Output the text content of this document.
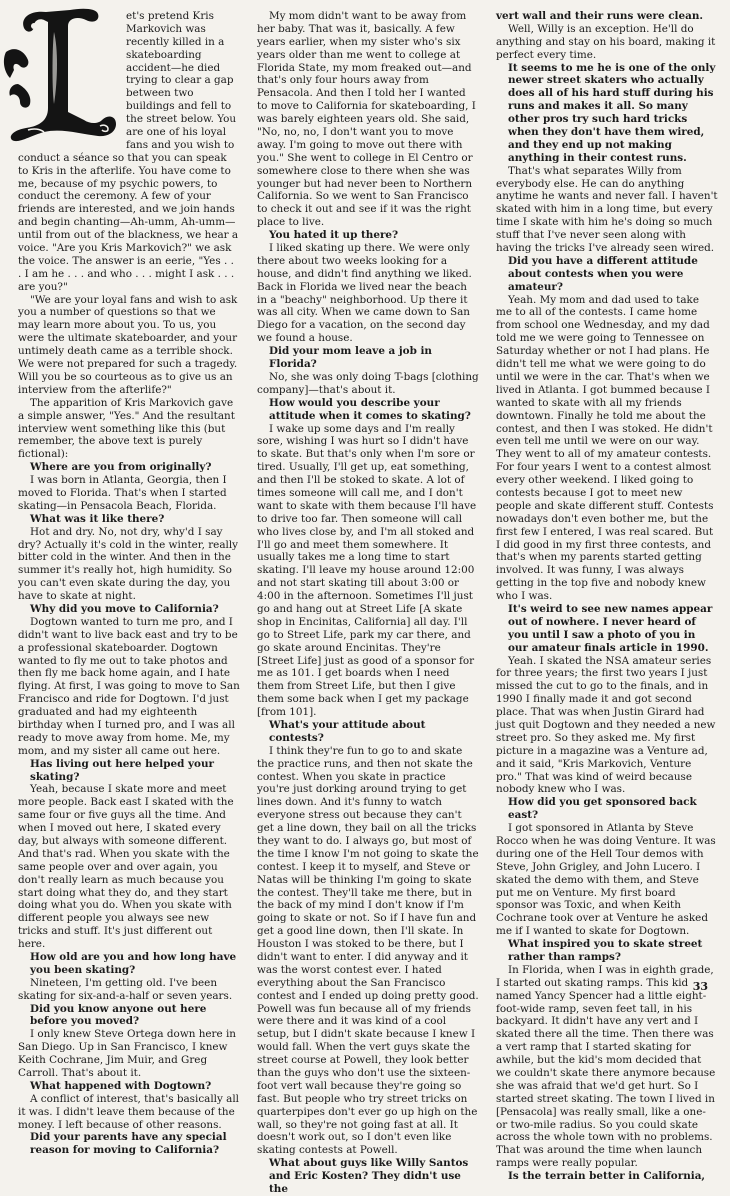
et's pretend Kris Markovich was recently killed in a skateboarding accident—he died trying to clear a gap between two buildings and fell to the street below. You are one of his loyal fans and you wish to conduct a séance so that you can speak to Kris in the afterlife. You have come to me, because of my psychic powers, to conduct the ceremony. A few of your friends are interested, and we join hands and begin chanting—Ah-umm, Ah-umm—until from out of the blackness, we hear a voice. "Are you Kris Markovich?" we ask the voice. The answer is an eerie, "Yes . . . I am he . . . and who . . . might I ask . . . are you?"

"We are your loyal fans and wish to ask you a number of questions so that we may learn more about you. To us, you were the ultimate skateboarder, and your untimely death came as a terrible shock. We were not prepared for such a tragedy. Will you be so courteous as to give us an interview from the afterlife?"

The apparition of Kris Markovich gave a simple answer, "Yes." And the resultant interview went something like this (but remember, the above text is purely fictional):

Where are you from originally?

I was born in Atlanta, Georgia, then I moved to Florida. That's when I started skating—in Pensacola Beach, Florida.

What was it like there?

Hot and dry. No, not dry, why'd I say dry? Actually it's cold in the winter, really bitter cold in the winter. And then in the summer it's really hot, high humidity. So you can't even skate during the day, you have to skate at night.

Why did you move to California?

Dogtown wanted to turn me pro, and I didn't want to live back east and try to be a professional skateboarder. Dogtown wanted to fly me out to take photos and then fly me back home again, and I hate flying. At first, I was going to move to San Francisco and ride for Dogtown. I'd just graduated and had my eighteenth birthday when I turned pro, and I was all ready to move away from home. Me, my mom, and my sister all came out here.

Has living out here helped your skating?

Yeah, because I skate more and meet more people. Back east I skated with the same four or five guys all the time. And when I moved out here, I skated every day, but always with someone different. And that's rad. When you skate with the same people over and over again, you don't really learn as much because you start doing what they do, and they start doing what you do. When you skate with different people you always see new tricks and stuff. It's just different out here.

How old are you and how long have you been skating?

Nineteen, I'm getting old. I've been skating for six-and-a-half or seven years.

Did you know anyone out here before you moved?

I only knew Steve Ortega down here in San Diego. Up in San Francisco, I knew Keith Cochrane, Jim Muir, and Greg Carroll. That's about it.

What happened with Dogtown?

A conflict of interest, that's basically all it was. I didn't leave them because of the money. I left because of other reasons.

Did your parents have any special reason for moving to California?

My mom didn't want to be away from her baby. That was it, basically. A few years earlier, when my sister who's six years older than me went to college at Florida State, my mom freaked out—and that's only four hours away from Pensacola. And then I told her I wanted to move to California for skateboarding, I was barely eighteen years old. She said, "No, no, no, I don't want you to move away. I'm going to move out there with you." She went to college in El Centro or somewhere close to there when she was younger but had never been to Northern California. So we went to San Francisco to check it out and see if it was the right place to live.

You hated it up there?

I liked skating up there. We were only there about two weeks looking for a house, and didn't find anything we liked. Back in Florida we lived near the beach in a "beachy" neighborhood. Up there it was all city. When we came down to San Diego for a vacation, on the second day we found a house.

Did your mom leave a job in Florida?

No, she was only doing T-bags [clothing company]—that's about it.

How would you describe your attitude when it comes to skating?

I wake up some days and I'm really sore, wishing I was hurt so I didn't have to skate. But that's only when I'm sore or tired. Usually, I'll get up, eat something, and then I'll be stoked to skate. A lot of times someone will call me, and I don't want to skate with them because I'll have to drive too far. Then someone will call who lives close by, and I'm all stoked and I'll go and meet them somewhere. It usually takes me a long time to start skating. I'll leave my house around 12:00 and not start skating till about 3:00 or 4:00 in the afternoon. Sometimes I'll just go and hang out at Street Life [A skate shop in Encinitas, California] all day. I'll go to Street Life, park my car there, and go skate around Encinitas. They're [Street Life] just as good of a sponsor for me as 101. I get boards when I need them from Street Life, but then I give them some back when I get my package [from 101].

What's your attitude about contests?

I think they're fun to go to and skate the practice runs, and then not skate the contest. When you skate in practice you're just dorking around trying to get lines down. And it's funny to watch everyone stress out because they can't get a line down, they bail on all the tricks they want to do. I always go, but most of the time I know I'm not going to skate the contest. I keep it to myself, and Steve or Natas will be thinking I'm going to skate the contest. They'll take me there, but in the back of my mind I don't know if I'm going to skate or not. So if I have fun and get a good line down, then I'll skate. In Houston I was stoked to be there, but I didn't want to enter. I did anyway and it was the worst contest ever. I hated everything about the San Francisco contest and I ended up doing pretty good. Powell was fun because all of my friends were there and it was kind of a cool setup, but I didn't skate because I knew I would fall. When the vert guys skate the street course at Powell, they look better than the guys who don't use the sixteen-foot vert wall because they're going so fast. But people who try street tricks on quarterpipes don't ever go up high on the wall, so they're not going fast at all. It doesn't work out, so I don't even like skating contests at Powell.

What about guys like Willy Santos and Eric Kosten? They didn't use the

vert wall and their runs were clean.

Well, Willy is an exception. He'll do anything and stay on his board, making it perfect every time.

It seems to me he is one of the only newer street skaters who actually does all of his hard stuff during his runs and makes it all. So many other pros try such hard tricks when they don't have them wired, and they end up not making anything in their contest runs.

That's what separates Willy from everybody else. He can do anything anytime he wants and never fall. I haven't skated with him in a long time, but every time I skate with him he's doing so much stuff that I've never seen along with having the tricks I've already seen wired.

Did you have a different attitude about contests when you were amateur?

Yeah. My mom and dad used to take me to all of the contests. I came home from school one Wednesday, and my dad told me we were going to Tennessee on Saturday whether or not I had plans. He didn't tell me what we were going to do until we were in the car. That's when we lived in Atlanta. I got bummed because I wanted to skate with all my friends downtown. Finally he told me about the contest, and then I was stoked. He didn't even tell me until we were on our way. They went to all of my amateur contests. For four years I went to a contest almost every other weekend. I liked going to contests because I got to meet new people and skate different stuff. Contests nowadays don't even bother me, but the first few I entered, I was real scared. But I did good in my first three contests, and that's when my parents started getting involved. It was funny, I was always getting in the top five and nobody knew who I was.

It's weird to see new names appear out of nowhere. I never heard of you until I saw a photo of you in our amateur finals article in 1990.

Yeah. I skated the NSA amateur series for three years; the first two years I just missed the cut to go to the finals, and in 1990 I finally made it and got second place. That was when Justin Girard had just quit Dogtown and they needed a new street pro. So they asked me. My first picture in a magazine was a Venture ad, and it said, "Kris Markovich, Venture pro." That was kind of weird because nobody knew who I was.

How did you get sponsored back east?

I got sponsored in Atlanta by Steve Rocco when he was doing Venture. It was during one of the Hell Tour demos with Steve, John Grigley, and John Lucero. I skated the demo with them, and Steve put me on Venture. My first board sponsor was Toxic, and when Keith Cochrane took over at Venture he asked me if I wanted to skate for Dogtown.

What inspired you to skate street rather than ramps?

In Florida, when I was in eighth grade, I started out skating ramps. This kid named Yancy Spencer had a little eight-foot-wide ramp, seven feet tall, in his backyard. It didn't have any vert and I skated there all the time. Then there was a vert ramp that I started skating for awhile, but the kid's mom decided that we couldn't skate there anymore because she was afraid that we'd get hurt. So I started street skating. The town I lived in [Pensacola] was really small, like a one- or two-mile radius. So you could skate across the whole town with no problems. That was around the time when launch ramps were really popular.

Is the terrain better in California,

33
